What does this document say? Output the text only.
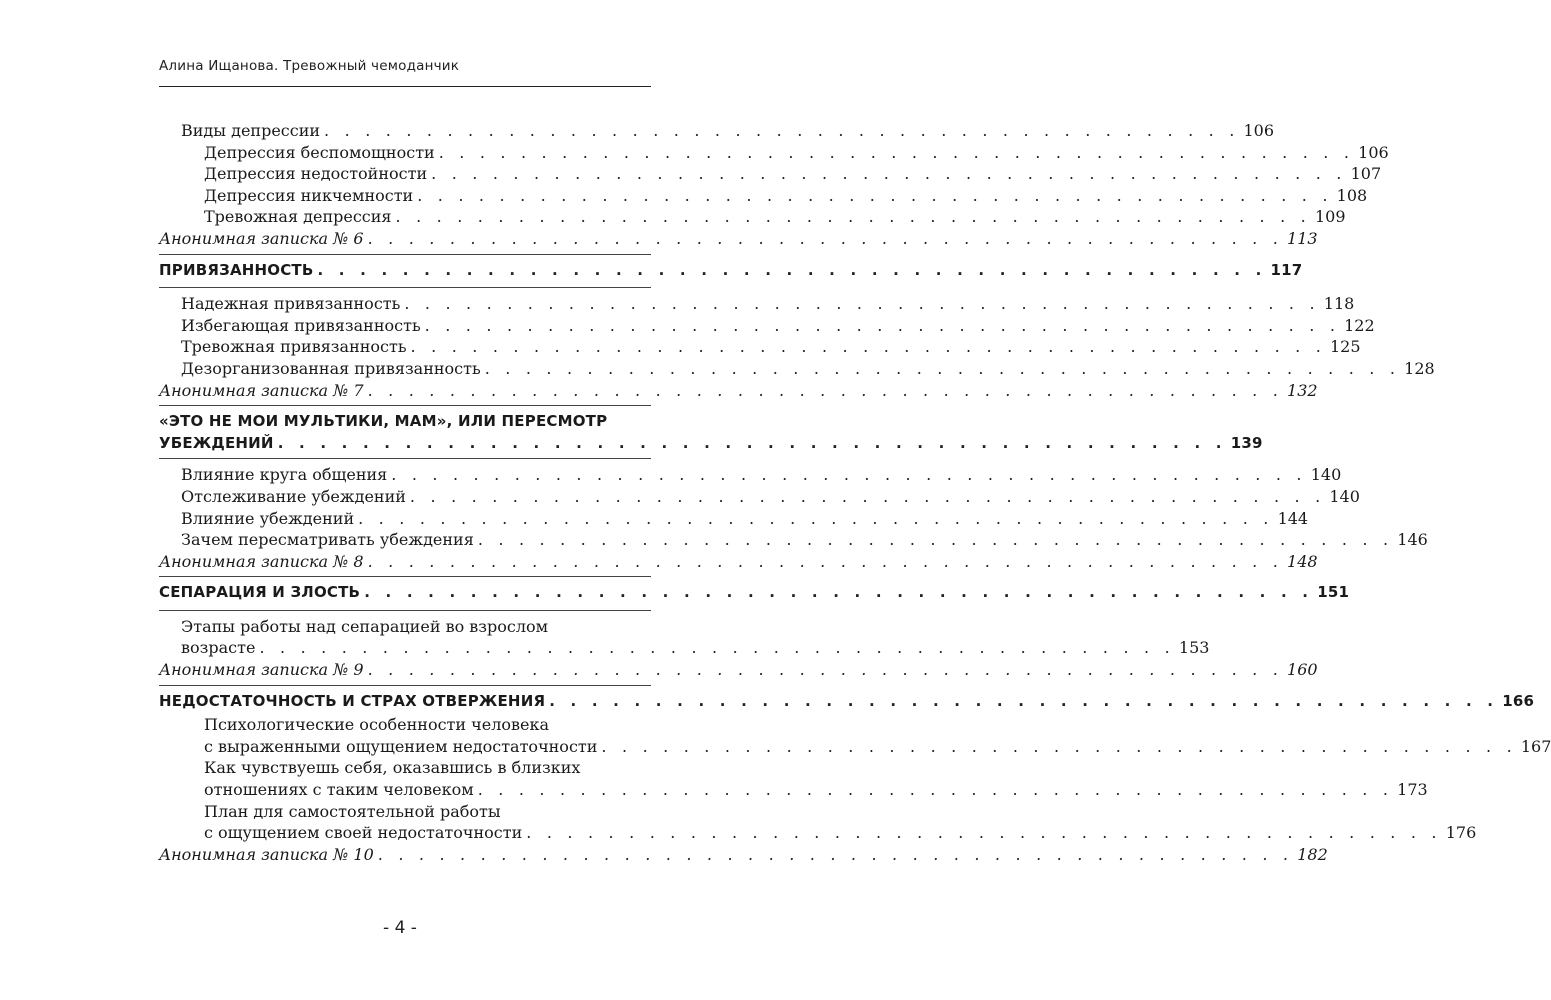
Алина Ищанова. Тревожный чемоданчик
Виды депрессии . . . . . . . . . . . . . . . . . . . . . . . . . . . . . . . . . . . . . . . . . . . . . 106
Депрессия беспомощности . . . . . . . . . . . . . . . . . . . . . . . . . . . . . . . . . . . . . . . . . . . . . 106
Депрессия недостойности . . . . . . . . . . . . . . . . . . . . . . . . . . . . . . . . . . . . . . . . . . . . . 107
Депрессия никчемности . . . . . . . . . . . . . . . . . . . . . . . . . . . . . . . . . . . . . . . . . . . . . 108
Тревожная депрессия . . . . . . . . . . . . . . . . . . . . . . . . . . . . . . . . . . . . . . . . . . . . . 109
Анонимная записка № 6 . . . . . . . . . . . . . . . . . . . . . . . . . . . . . . . . . . . . . . . . . . . . . 113
ПРИВЯЗАННОСТЬ . . . . . . . . . . . . . . . . . . . . . . . . . . . . . . . . . . . . . . . . . . . . . 117
Надежная привязанность . . . . . . . . . . . . . . . . . . . . . . . . . . . . . . . . . . . . . . . . . . . . . 118
Избегающая привязанность . . . . . . . . . . . . . . . . . . . . . . . . . . . . . . . . . . . . . . . . . . . . . 122
Тревожная привязанность . . . . . . . . . . . . . . . . . . . . . . . . . . . . . . . . . . . . . . . . . . . . . 125
Дезорганизованная привязанность . . . . . . . . . . . . . . . . . . . . . . . . . . . . . . . . . . . . . . . . . . . . . 128
Анонимная записка № 7 . . . . . . . . . . . . . . . . . . . . . . . . . . . . . . . . . . . . . . . . . . . . . 132
«ЭТО НЕ МОИ МУЛЬТИКИ, МАМ», ИЛИ ПЕРЕСМОТР
УБЕЖДЕНИЙ . . . . . . . . . . . . . . . . . . . . . . . . . . . . . . . . . . . . . . . . . . . . . 139
Влияние круга общения . . . . . . . . . . . . . . . . . . . . . . . . . . . . . . . . . . . . . . . . . . . . . 140
Отслеживание убеждений . . . . . . . . . . . . . . . . . . . . . . . . . . . . . . . . . . . . . . . . . . . . . 140
Влияние убеждений . . . . . . . . . . . . . . . . . . . . . . . . . . . . . . . . . . . . . . . . . . . . . 144
Зачем пересматривать убеждения . . . . . . . . . . . . . . . . . . . . . . . . . . . . . . . . . . . . . . . . . . . . . 146
Анонимная записка № 8 . . . . . . . . . . . . . . . . . . . . . . . . . . . . . . . . . . . . . . . . . . . . . 148
СЕПАРАЦИЯ И ЗЛОСТЬ . . . . . . . . . . . . . . . . . . . . . . . . . . . . . . . . . . . . . . . . . . . . . 151
Этапы работы над сепарацией во взрослом
возрасте . . . . . . . . . . . . . . . . . . . . . . . . . . . . . . . . . . . . . . . . . . . . . 153
Анонимная записка № 9 . . . . . . . . . . . . . . . . . . . . . . . . . . . . . . . . . . . . . . . . . . . . . 160
НЕДОСТАТОЧНОСТЬ И СТРАХ ОТВЕРЖЕНИЯ . . . . . . . . . . . . . . . . . . . . . . . . . . . . . . . . . . . . . . . . . . . . . 166
Психологические особенности человека
с выраженными ощущением недостаточности . . . . . . . . . . . . . . . . . . . . . . . . . . . . . . . . . . . . . . . . . . . . . 167
Как чувствуешь себя, оказавшись в близких
отношениях с таким человеком . . . . . . . . . . . . . . . . . . . . . . . . . . . . . . . . . . . . . . . . . . . . . 173
План для самостоятельной работы
с ощущением своей недостаточности . . . . . . . . . . . . . . . . . . . . . . . . . . . . . . . . . . . . . . . . . . . . . 176
Анонимная записка № 10 . . . . . . . . . . . . . . . . . . . . . . . . . . . . . . . . . . . . . . . . . . . . . 182
- 4 -
